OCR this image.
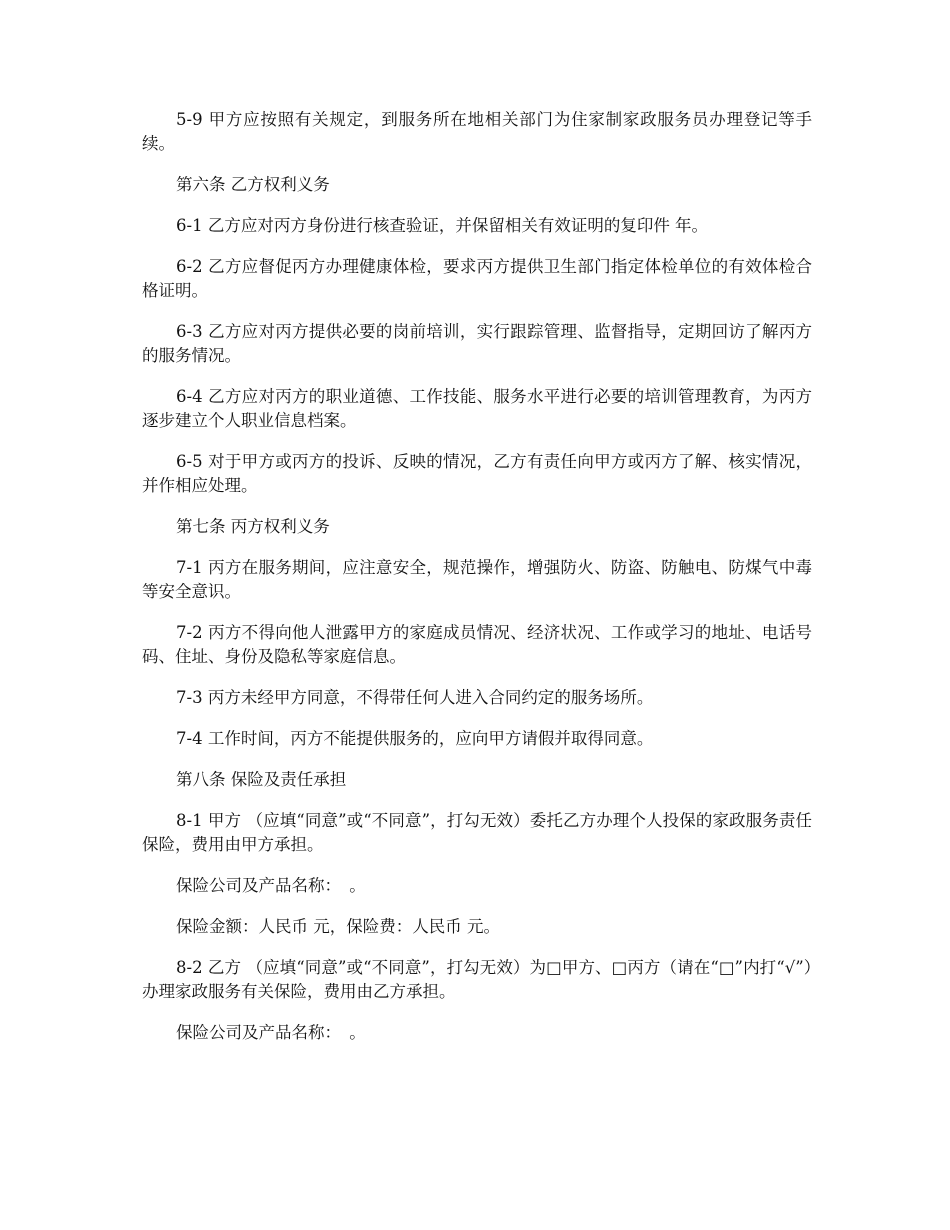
5-9 甲方应按照有关规定，到服务所在地相关部门为住家制家政服务员办理登记等手续。

第六条 乙方权利义务

6-1 乙方应对丙方身份进行核查验证，并保留相关有效证明的复印件 年。

6-2 乙方应督促丙方办理健康体检，要求丙方提供卫生部门指定体检单位的有效体检合格证明。

6-3 乙方应对丙方提供必要的岗前培训，实行跟踪管理、监督指导，定期回访了解丙方的服务情况。

6-4 乙方应对丙方的职业道德、工作技能、服务水平进行必要的培训管理教育，为丙方逐步建立个人职业信息档案。

6-5 对于甲方或丙方的投诉、反映的情况，乙方有责任向甲方或丙方了解、核实情况，并作相应处理。

第七条 丙方权利义务

7-1 丙方在服务期间，应注意安全，规范操作，增强防火、防盗、防触电、防煤气中毒等安全意识。

7-2 丙方不得向他人泄露甲方的家庭成员情况、经济状况、工作或学习的地址、电话号码、住址、身份及隐私等家庭信息。

7-3 丙方未经甲方同意，不得带任何人进入合同约定的服务场所。

7-4 工作时间，丙方不能提供服务的，应向甲方请假并取得同意。

第八条 保险及责任承担

8-1 甲方 （应填“同意”或“不同意”，打勾无效）委托乙方办理个人投保的家政服务责任保险，费用由甲方承担。

保险公司及产品名称：　。

保险金额：人民币 元，保险费：人民币 元。

8-2 乙方 （应填“同意”或“不同意”，打勾无效）为□甲方、□丙方（请在“□”内打“√”）办理家政服务有关保险，费用由乙方承担。

保险公司及产品名称：　。
